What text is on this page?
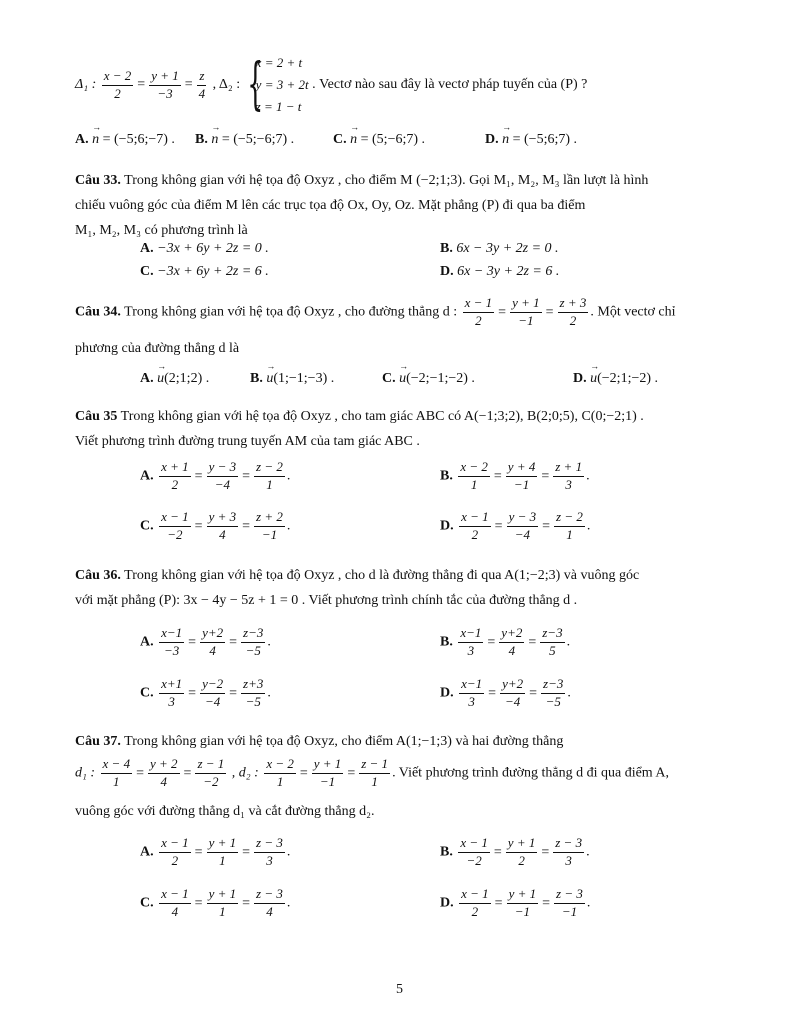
Δ₁ : $\frac{x - 2}{2} = \frac{y + 1}{-3} = \frac{z}{4}$ , Δ₂ : {
x = 2 + t
y = 3 + 2t
z = 1 − t
. Vectơ nào sau đây là vectơ pháp tuyến của (P) ?
A. → n = (−5;6;−7) . B. → n = (−5;−6;7) .	C. → n = (5;−6;7) .	D. → n = (−5;6;7) .
Câu 33. Trong không gian với hệ tọa độ Oxyz , cho điểm M (−2;1;3). Gọi M₁, M₂, M₃ lần lượt là hình
chiếu vuông góc của điểm M lên các trục tọa độ Ox, Oy, Oz. Mặt phẳng (P) đi qua ba điểm
M₁, M₂, M₃ có phương trình là
A. −3x + 6y + 2z = 0 .	B. 6x − 3y + 2z = 0 .
C. −3x + 6y + 2z = 6 .	D. 6x − 3y + 2z = 6 .
Câu 34. Trong không gian với hệ tọa độ Oxyz , cho đường thẳng d : $\frac{x - 1}{2} = \frac{y + 1}{-1} = \frac{z + 3}{2}$ . Một vectơ chỉ
phương của đường thẳng d là
A. → u(2;1;2) .	B. → u(1;−1;−3) .	C. → u(−2;−1;−2) .	D. → u(−2;1;−2) .
Câu 35 Trong không gian với hệ tọa độ Oxyz , cho tam giác ABC có A(−1;3;2), B(2;0;5), C(0;−2;1) .
Viết phương trình đường trung tuyến AM của tam giác ABC .
A. $\frac{x + 1}{2} = \frac{y - 3}{-4} = \frac{z - 2}{1}$ .	B. $\frac{x - 2}{1} = \frac{y + 4}{-1} = \frac{z + 1}{3}$ .
C. $\frac{x - 1}{-2} = \frac{y + 3}{4} = \frac{z + 2}{-1}$ .	D. $\frac{x - 1}{2} = \frac{y - 3}{-4} = \frac{z - 2}{1}$ .
Câu 36. Trong không gian với hệ tọa độ Oxyz , cho d là đường thẳng đi qua A(1;−2;3) và vuông góc
với mặt phẳng (P): 3x − 4y − 5z + 1 = 0 . Viết phương trình chính tắc của đường thẳng d .
A. $\frac{x-1}{-3} = \frac{y+2}{4} = \frac{z-3}{-5}$ .	B. $\frac{x-1}{3} = \frac{y+2}{4} = \frac{z-3}{5}$ .
C. $\frac{x+1}{3} = \frac{y-2}{-4} = \frac{z+3}{-5}$ .	D. $\frac{x-1}{3} = \frac{y+2}{-4} = \frac{z-3}{-5}$ .
Câu 37. Trong không gian với hệ tọa độ Oxyz, cho điểm A(1;−1;3) và hai đường thẳng
d₁ : $\frac{x - 4}{1} = \frac{y + 2}{4} = \frac{z - 1}{-2}$ , d₂ : $\frac{x - 2}{1} = \frac{y + 1}{-1} = \frac{z - 1}{1}$ . Viết phương trình đường thẳng d đi qua điểm A,
vuông góc với đường thẳng d₁ và cắt đường thẳng d₂.
A. $\frac{x - 1}{2} = \frac{y + 1}{1} = \frac{z - 3}{3}$ .	B. $\frac{x - 1}{-2} = \frac{y + 1}{2} = \frac{z - 3}{3}$ .
C. $\frac{x - 1}{4} = \frac{y + 1}{1} = \frac{z - 3}{4}$ .	D. $\frac{x - 1}{2} = \frac{y + 1}{-1} = \frac{z - 3}{-1}$ .
5
